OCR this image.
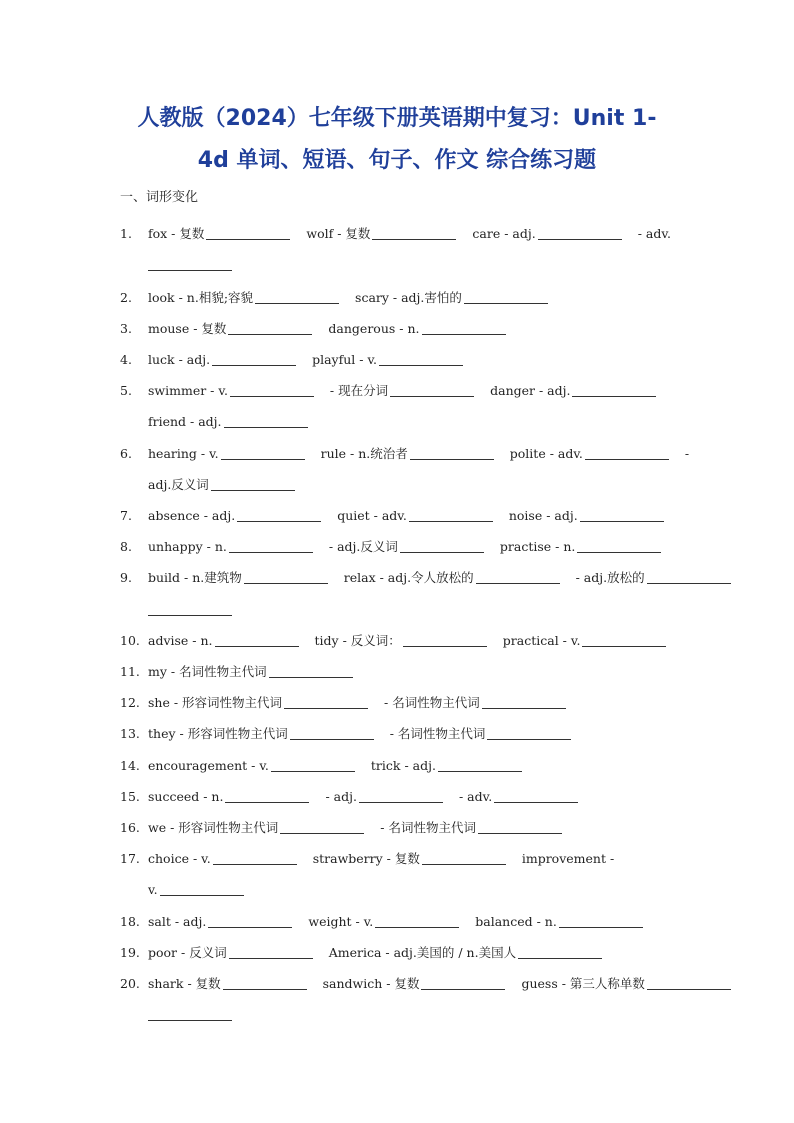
人教版（2024）七年级下册英语期中复习：Unit 1-
4d 单词、短语、句子、作文 综合练习题
一、词形变化
1. fox - 复数	wolf - 复数	care - adj.	- adv.
2. look - n.相貌;容貌	scary - adj.害怕的
3. mouse - 复数	dangerous - n.
4. luck - adj.	playful - v.
5. swimmer - v.	- 现在分词	danger - adj.
friend - adj.
6. hearing - v.	rule - n.统治者	polite - adv.	-
adj.反义词
7. absence - adj.	quiet - adv.	noise - adj.
8. unhappy - n.	- adj.反义词	practise - n.
9. build - n.建筑物	relax - adj.令人放松的	- adj.放松的
10. advise - n.	tidy - 反义词：	practical - v.
11. my - 名词性物主代词
12. she - 形容词性物主代词	- 名词性物主代词
13. they - 形容词性物主代词	- 名词性物主代词
14. encouragement - v.	trick - adj.
15. succeed - n.	- adj.	- adv.
16. we - 形容词性物主代词	- 名词性物主代词
17. choice - v.	strawberry - 复数	improvement -
v.
18. salt - adj.	weight - v.	balanced - n.
19. poor - 反义词	America - adj.美国的 / n.美国人
20. shark - 复数	sandwich - 复数	guess - 第三人称单数
